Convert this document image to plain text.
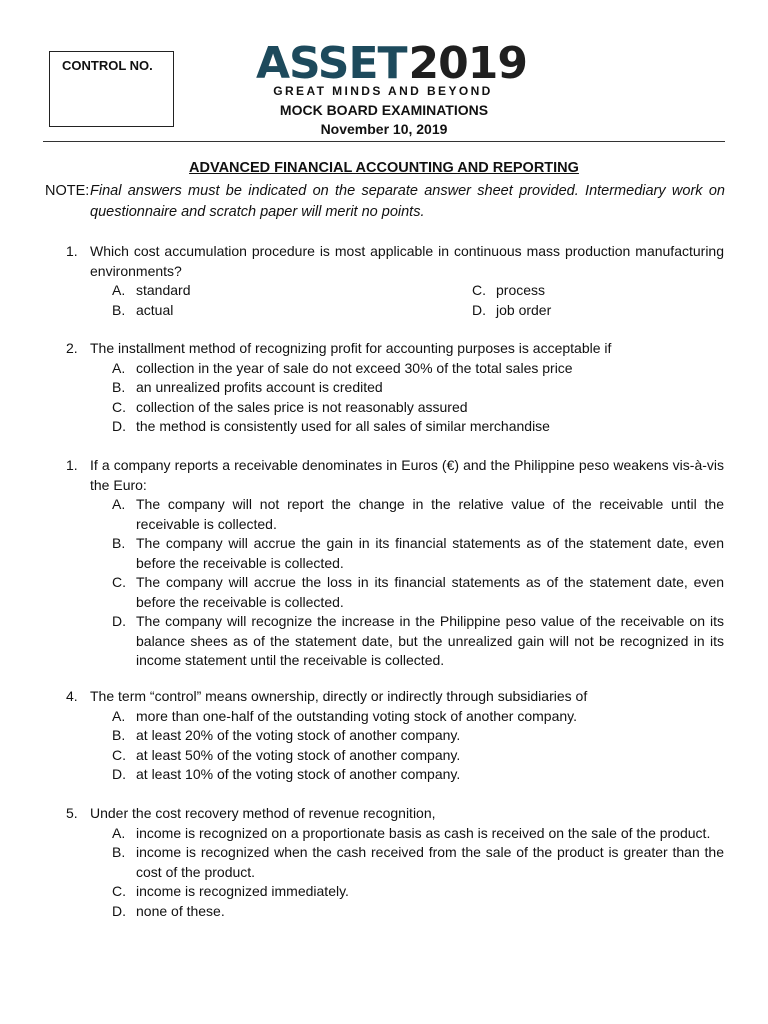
CONTROL NO. ASSET2019
GREAT MINDS AND BEYOND
MOCK BOARD EXAMINATIONS
November 10, 2019
ADVANCED FINANCIAL ACCOUNTING AND REPORTING
NOTE: Final answers must be indicated on the separate answer sheet provided. Intermediary work on questionnaire and scratch paper will merit no points.
1. Which cost accumulation procedure is most applicable in continuous mass production manufacturing environments?
A. standard	C. process
B. actual	D. job order
2. The installment method of recognizing profit for accounting purposes is acceptable if
A. collection in the year of sale do not exceed 30% of the total sales price
B. an unrealized profits account is credited
C. collection of the sales price is not reasonably assured
D. the method is consistently used for all sales of similar merchandise
1. If a company reports a receivable denominates in Euros (€) and the Philippine peso weakens vis-à-vis the Euro:
A. The company will not report the change in the relative value of the receivable until the receivable is collected.
B. The company will accrue the gain in its financial statements as of the statement date, even before the receivable is collected.
C. The company will accrue the loss in its financial statements as of the statement date, even before the receivable is collected.
D. The company will recognize the increase in the Philippine peso value of the receivable on its balance shees as of the statement date, but the unrealized gain will not be recognized in its income statement until the receivable is collected.
4. The term “control” means ownership, directly or indirectly through subsidiaries of
A. more than one-half of the outstanding voting stock of another company.
B. at least 20% of the voting stock of another company.
C. at least 50% of the voting stock of another company.
D. at least 10% of the voting stock of another company.
5. Under the cost recovery method of revenue recognition,
A. income is recognized on a proportionate basis as cash is received on the sale of the product.
B. income is recognized when the cash received from the sale of the product is greater than the cost of the product.
C. income is recognized immediately.
D. none of these.
